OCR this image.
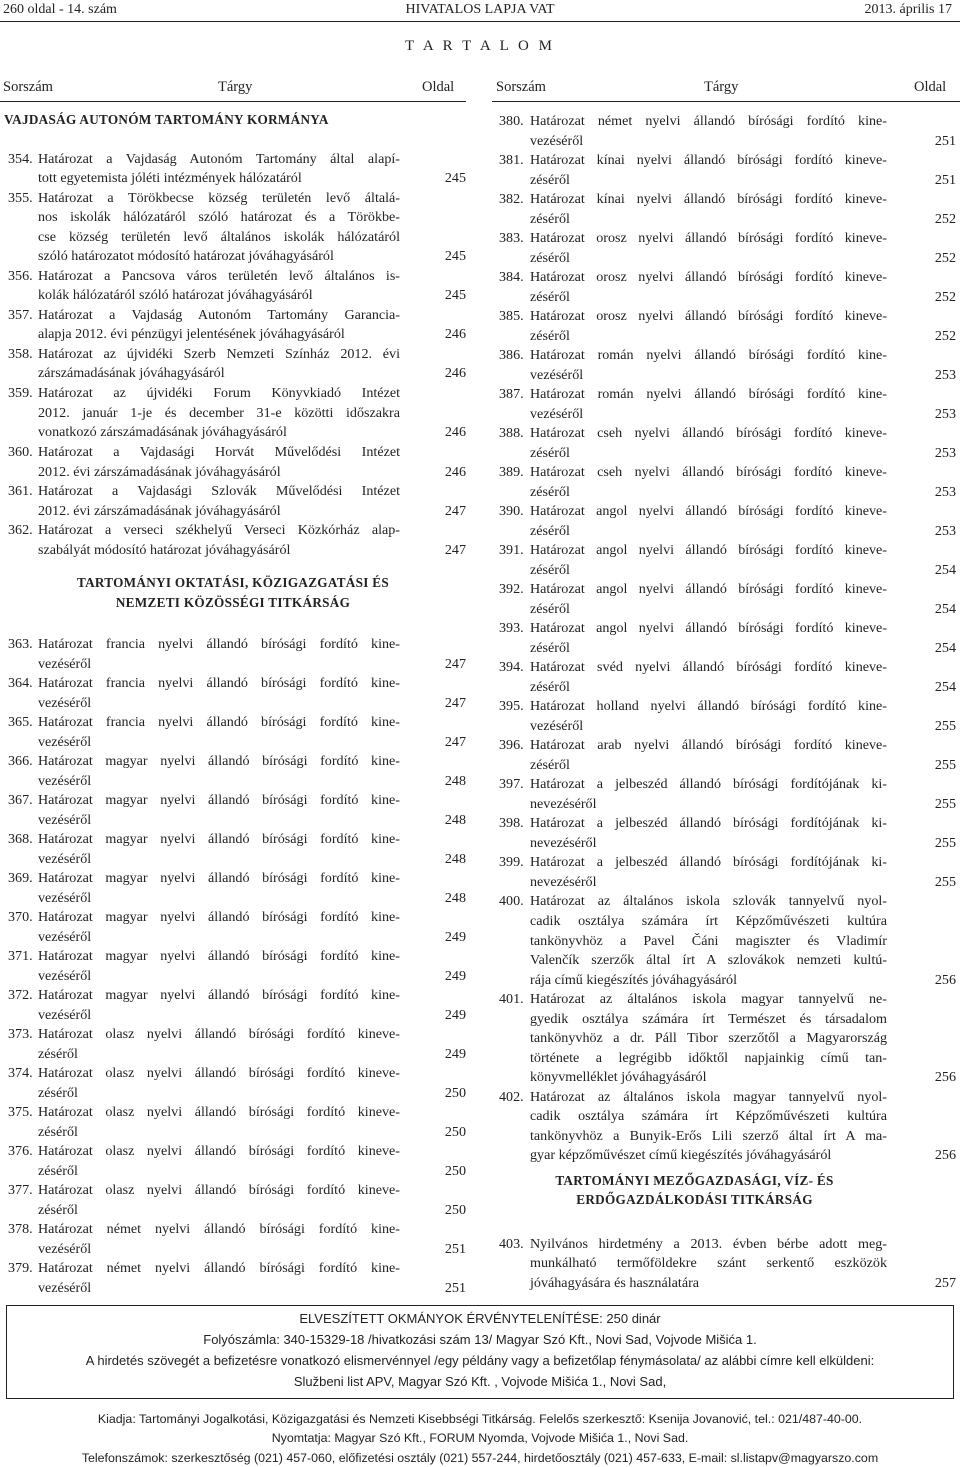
260 oldal - 14. szám	HIVATALOS LAPJA VAT	2013. április 17
T A R T A L O M
Sorszám	Tárgy	Oldal	Sorszám	Tárgy	Oldal
VAJDASÁG AUTONÓM TARTOMÁNY KORMÁNYA
TARTOMÁNYI OKTATÁSI, KÖZIGAZGATÁSI ÉS
NEMZETI KÖZÖSSÉGI TITKÁRSÁG
TARTOMÁNYI MEZŐGAZDASÁGI, VÍZ- ÉS
ERDŐGAZDÁLKODÁSI TITKÁRSÁG
354. Határozat a Vajdaság Autonóm Tartomány által alapí-
tott egyetemista jóléti intézmények hálózatáról	245
355. Határozat a Törökbecse község területén levő általá-
nos iskolák hálózatáról szóló határozat és a Törökbe-
cse község területén levő általános iskolák hálózatáról
szóló határozatot módosító határozat jóváhagyásáról	245
356. Határozat a Pancsova város területén levő általános is-
kolák hálózatáról szóló határozat jóváhagyásáról	245
357. Határozat a Vajdaság Autonóm Tartomány Garancia-
alapja 2012. évi pénzügyi jelentésének jóváhagyásáról	246
358. Határozat az újvidéki Szerb Nemzeti Színház 2012. évi
zárszámadásának jóváhagyásáról	246
359. Határozat az újvidéki Forum Könyvkiadó Intézet
2012. január 1-je és december 31-e közötti időszakra
vonatkozó zárszámadásának jóváhagyásáról	246
360. Határozat a Vajdasági Horvát Művelődési Intézet
2012. évi zárszámadásának jóváhagyásáról	246
361. Határozat a Vajdasági Szlovák Művelődési Intézet
2012. évi zárszámadásának jóváhagyásáról	247
362. Határozat a verseci székhelyű Verseci Közkórház alap-
szabályát módosító határozat jóváhagyásáról	247
363. Határozat francia nyelvi állandó bírósági fordító kine-
vezéséről	247
364. Határozat francia nyelvi állandó bírósági fordító kine-
vezéséről	247
365. Határozat francia nyelvi állandó bírósági fordító kine-
vezéséről	247
366. Határozat magyar nyelvi állandó bírósági fordító kine-
vezéséről	248
367. Határozat magyar nyelvi állandó bírósági fordító kine-
vezéséről	248
368. Határozat magyar nyelvi állandó bírósági fordító kine-
vezéséről	248
369. Határozat magyar nyelvi állandó bírósági fordító kine-
vezéséről	248
370. Határozat magyar nyelvi állandó bírósági fordító kine-
vezéséről	249
371. Határozat magyar nyelvi állandó bírósági fordító kine-
vezéséről	249
372. Határozat magyar nyelvi állandó bírósági fordító kine-
vezéséről	249
373. Határozat olasz nyelvi állandó bírósági fordító kineve-
zéséről	249
374. Határozat olasz nyelvi állandó bírósági fordító kineve-
zéséről	250
375. Határozat olasz nyelvi állandó bírósági fordító kineve-
zéséről	250
376. Határozat olasz nyelvi állandó bírósági fordító kineve-
zéséről	250
377. Határozat olasz nyelvi állandó bírósági fordító kineve-
zéséről	250
378. Határozat német nyelvi állandó bírósági fordító kine-
vezéséről	251
379. Határozat német nyelvi állandó bírósági fordító kine-
vezéséről	251
380. Határozat német nyelvi állandó bírósági fordító kine-
vezéséről	251
381. Határozat kínai nyelvi állandó bírósági fordító kineve-
zéséről	251
382. Határozat kínai nyelvi állandó bírósági fordító kineve-
zéséről	252
383. Határozat orosz nyelvi állandó bírósági fordító kineve-
zéséről	252
384. Határozat orosz nyelvi állandó bírósági fordító kineve-
zéséről	252
385. Határozat orosz nyelvi állandó bírósági fordító kineve-
zéséről	252
386. Határozat román nyelvi állandó bírósági fordító kine-
vezéséről	253
387. Határozat román nyelvi állandó bírósági fordító kine-
vezéséről	253
388. Határozat cseh nyelvi állandó bírósági fordító kineve-
zéséről	253
389. Határozat cseh nyelvi állandó bírósági fordító kineve-
zéséről	253
390. Határozat angol nyelvi állandó bírósági fordító kineve-
zéséről	253
391. Határozat angol nyelvi állandó bírósági fordító kineve-
zéséről	254
392. Határozat angol nyelvi állandó bírósági fordító kineve-
zéséről	254
393. Határozat angol nyelvi állandó bírósági fordító kineve-
zéséről	254
394. Határozat svéd nyelvi állandó bírósági fordító kineve-
zéséről	254
395. Határozat holland nyelvi állandó bírósági fordító kine-
vezéséről	255
396. Határozat arab nyelvi állandó bírósági fordító kineve-
zéséről	255
397. Határozat a jelbeszéd állandó bírósági fordítójának ki-
nevezéséről	255
398. Határozat a jelbeszéd állandó bírósági fordítójának ki-
nevezéséről	255
399. Határozat a jelbeszéd állandó bírósági fordítójának ki-
nevezéséről	255
400. Határozat az általános iskola szlovák tannyelvű nyol-
cadik osztálya számára írt Képzőművészeti kultúra
tankönyvhöz a Pavel Čáni magiszter és Vladimír
Valenčík szerzők által írt A szlovákok nemzeti kultú-
rája című kiegészítés jóváhagyásáról	256
401. Határozat az általános iskola magyar tannyelvű ne-
gyedik osztálya számára írt Természet és társadalom
tankönyvhöz a dr. Páll Tibor szerzőtől a Magyarország
története a legrégibb időktől napjainkig című tan-
könyvmelléklet jóváhagyásáról	256
402. Határozat az általános iskola magyar tannyelvű nyol-
cadik osztálya számára írt Képzőművészeti kultúra
tankönyvhöz a Bunyik-Erős Lili szerző által írt A ma-
gyar képzőművészet című kiegészítés jóváhagyásáról	256
403. Nyilvános hirdetmény a 2013. évben bérbe adott meg-
munkálható termőföldekre szánt serkentő eszközök
jóváhagyására és használatára	257
ELVESZÍTETT OKMÁNYOK ÉRVÉNYTELENÍTÉSE: 250 dinár
Folyószámla: 340-15329-18 /hivatkozási szám 13/ Magyar Szó Kft., Novi Sad, Vojvode Mišića 1.
A hirdetés szövegét a befizetésre vonatkozó elismervénnyel /egy példány vagy a befizetőlap fénymásolata/ az alábbi címre kell elküldeni:
Službeni list APV, Magyar Szó Kft. , Vojvode Mišića 1., Novi Sad,
Kiadja: Tartományi Jogalkotási, Közigazgatási és Nemzeti Kisebbségi Titkárság. Felelős szerkesztő: Ksenija Jovanović, tel.: 021/487-40-00.
Nyomtatja: Magyar Szó Kft., FORUM Nyomda, Vojvode Mišića 1., Novi Sad.
Telefonszámok: szerkesztőség (021) 457-060, előfizetési osztály (021) 557-244, hirdetőosztály (021) 457-633, E-mail: sl.listapv@magyarszo.com
